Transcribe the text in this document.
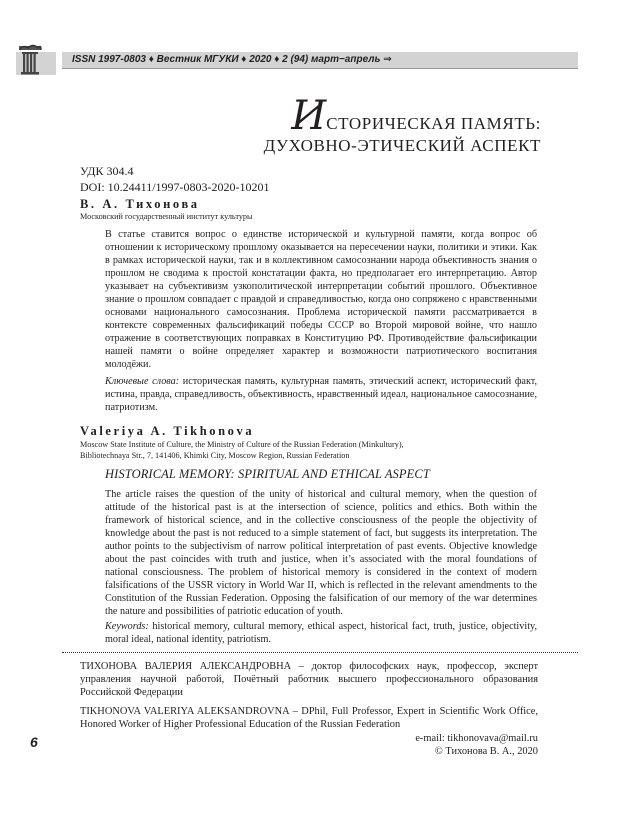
ISSN 1997-0803 ♦ Вестник МГУКИ ♦ 2020 ♦ 2 (94) март−апрель ⇒
ИСТОРИЧЕСКАЯ ПАМЯТЬ:
ДУХОВНО-ЭТИЧЕСКИЙ АСПЕКТ
УДК 304.4
DOI: 10.24411/1997-0803-2020-10201
В. А. Тихонова
Московский государственный институт культуры
В статье ставится вопрос о единстве исторической и культурной памяти, когда вопрос об отношении к историческому прошлому оказывается на пересечении науки, политики и этики. Как в рамках исторической науки, так и в коллективном самосознании народа объективность знания о прошлом не сводима к простой констатации факта, но предполагает его интерпретацию. Автор указывает на субъективизм узкополитической интерпретации событий прошлого. Объективное знание о прошлом совпадает с правдой и справедливостью, когда оно сопряжено с нравственными основами национального самосознания. Проблема исторической памяти рассматривается в контексте современных фальсификаций победы СССР во Второй мировой войне, что нашло отражение в соответствующих поправках в Конституцию РФ. Противодействие фальсификации нашей памяти о войне определяет характер и возможности патриотического воспитания молодёжи.
Ключевые слова: историческая память, культурная память, этический аспект, исторический факт, истина, правда, справедливость, объективность, нравственный идеал, национальное самосознание, патриотизм.
Valeriya A. Tikhonova
Moscow State Institute of Culture, the Ministry of Culture of the Russian Federation (Minkultury),
Bibliotechnaya Str., 7, 141406, Khimki City, Moscow Region, Russian Federation
HISTORICAL MEMORY: SPIRITUAL AND ETHICAL ASPECT
The article raises the question of the unity of historical and cultural memory, when the question of attitude of the historical past is at the intersection of science, politics and ethics. Both within the framework of historical science, and in the collective consciousness of the people the objectivity of knowledge about the past is not reduced to a simple statement of fact, but suggests its interpretation. The author points to the subjectivism of narrow political interpretation of past events. Objective knowledge about the past coincides with truth and justice, when it’s associated with the moral foundations of national consciousness. The problem of historical memory is considered in the context of modern falsifications of the USSR victory in World War II, which is reflected in the relevant amendments to the Constitution of the Russian Federation. Opposing the falsification of our memory of the war determines the nature and possibilities of patriotic education of youth.
Keywords: historical memory, cultural memory, ethical aspect, historical fact, truth, justice, objectivity, moral ideal, national identity, patriotism.
ТИХОНОВА ВАЛЕРИЯ АЛЕКСАНДРОВНА – доктор философских наук, профессор, эксперт управления научной работой, Почётный работник высшего профессионального образования Российской Федерации
TIKHONOVA VALERIYA ALEKSANDROVNA – DPhil, Full Professor, Expert in Scientific Work Office, Honored Worker of Higher Professional Education of the Russian Federation
e-mail: tikhonovava@mail.ru
© Тихонова В. А., 2020
6
